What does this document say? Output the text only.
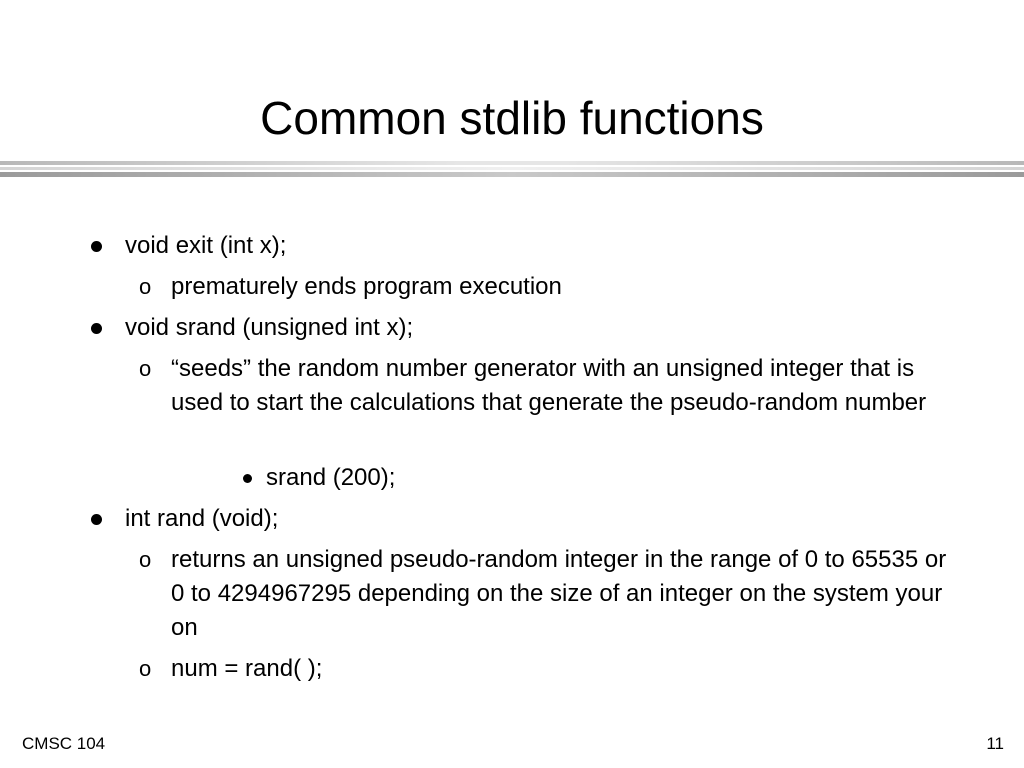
Common stdlib functions
void exit (int x);
o prematurely ends program execution
void srand (unsigned int x);
o “seeds” the random number generator with an unsigned integer that is used to start the calculations that generate the pseudo-random number
srand (200);
int rand (void);
o returns an unsigned pseudo-random integer in the range of 0 to 65535 or 0 to 4294967295 depending on the size of an integer on the system your on
o num = rand( );
CMSC 104	11
